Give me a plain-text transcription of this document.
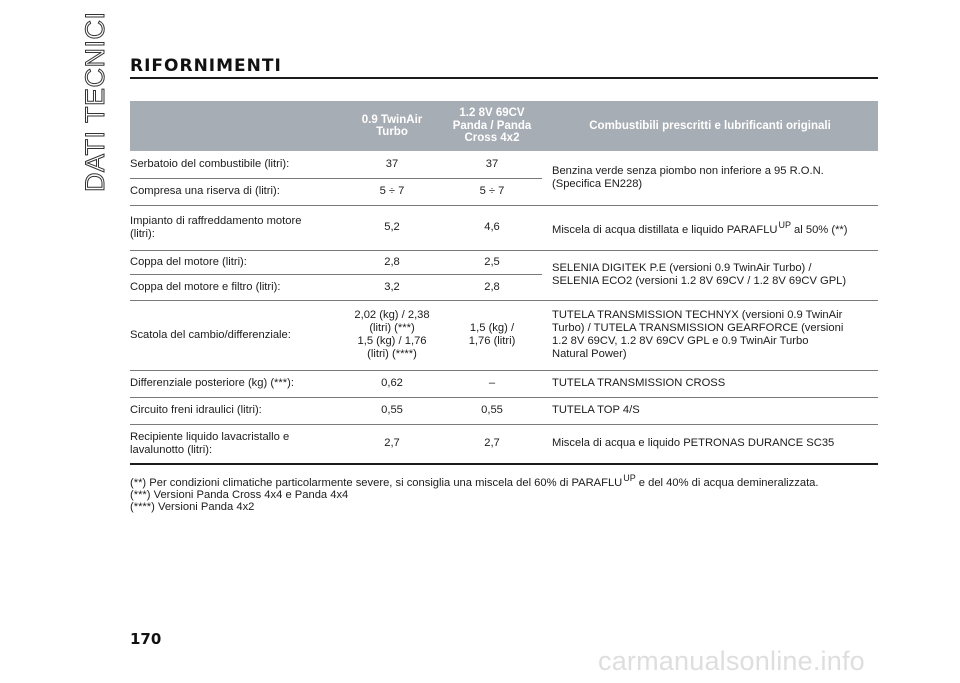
DATI TECNICI RIFORNIMENTI
	0.9 TwinAir
Turbo	1.2 8V 69CV
Panda / Panda
Cross 4x2	Combustibili prescritti e lubrificanti originali
Serbatoio del combustibile (litri):	37	37	Benzina verde senza piombo non inferiore a 95 R.O.N.
(Specifica EN228)
Compresa una riserva di (litri):	5 ÷ 7	5 ÷ 7	
Impianto di raffreddamento motore
(litri):	5,2	4,6	Miscela di acqua distillata e liquido $PARAFLU^{UP}$ al 50% (**)
Coppa del motore (litri):	2,8	2,5	SELENIA DIGITEK P.E (versioni 0.9 TwinAir Turbo) /
SELENIA ECO2 (versioni 1.2 8V 69CV / 1.2 8V 69CV GPL)
Coppa del motore e filtro (litri):	3,2	2,8	
Scatola del cambio/differenziale:	2,02 (kg) / 2,38
(litri) (***)
1,5 (kg) / 1,76
(litri) (****)	1,5 (kg) /
1,76 (litri)	TUTELA TRANSMISSION TECHNYX (versioni 0.9 TwinAir
Turbo) / TUTELA TRANSMISSION GEARFORCE (versioni
1.2 8V 69CV, 1.2 8V 69CV GPL e 0.9 TwinAir Turbo
Natural Power)
Differenziale posteriore (kg) (***):	0,62	–	TUTELA TRANSMISSION CROSS
Circuito freni idraulici (litri):	0,55	0,55	TUTELA TOP 4/S
Recipiente liquido lavacristallo e
lavalunotto (litri):	2,7	2,7	Miscela di acqua e liquido PETRONAS DURANCE SC35
(**) Per condizioni climatiche particolarmente severe, si consiglia una miscela del 60% di $PARAFLU^{UP}$ e del 40% di acqua demineralizzata.
(***) Versioni Panda Cross 4x4 e Panda 4x4
(****) Versioni Panda 4x2
170
carmanualsonline.info
